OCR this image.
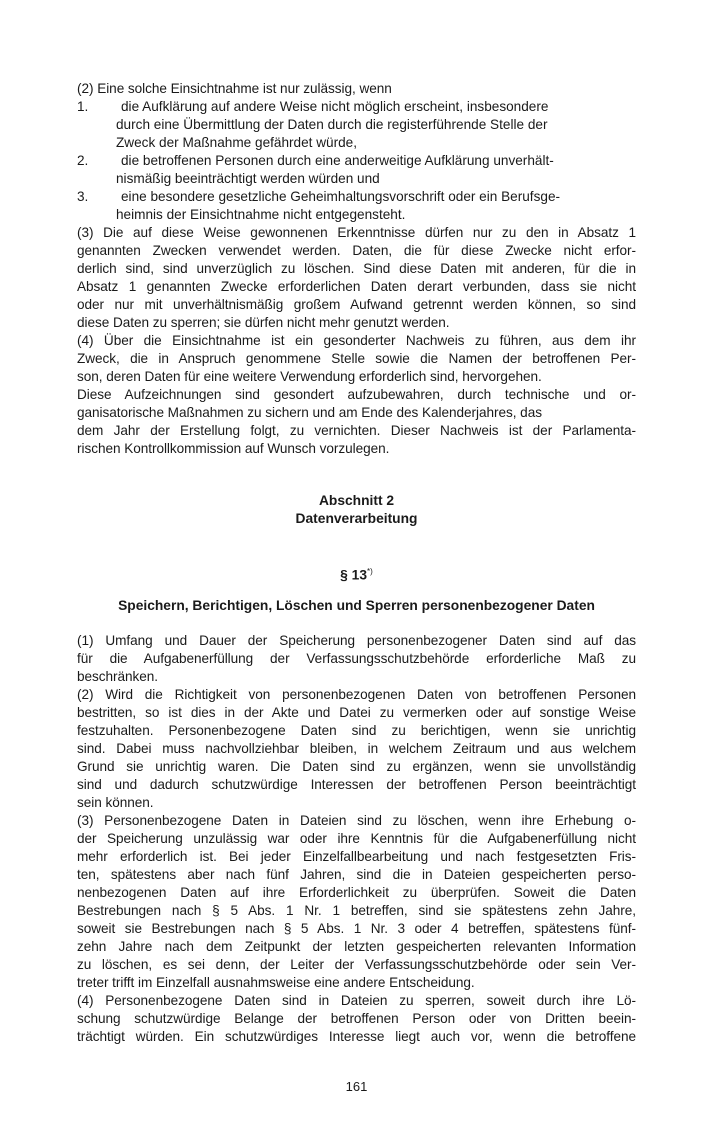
(2) Eine solche Einsichtnahme ist nur zulässig, wenn
1. die Aufklärung auf andere Weise nicht möglich erscheint, insbesondere
durch eine Übermittlung der Daten durch die registerführende Stelle der
Zweck der Maßnahme gefährdet würde,
2. die betroffenen Personen durch eine anderweitige Aufklärung unverhält-
nismäßig beeinträchtigt werden würden und
3. eine besondere gesetzliche Geheimhaltungsvorschrift oder ein Berufsge-
heimnis der Einsichtnahme nicht entgegensteht.
(3) Die auf diese Weise gewonnenen Erkenntnisse dürfen nur zu den in Absatz 1
genannten Zwecken verwendet werden. Daten, die für diese Zwecke nicht erfor-
derlich sind, sind unverzüglich zu löschen. Sind diese Daten mit anderen, für die in
Absatz 1 genannten Zwecke erforderlichen Daten derart verbunden, dass sie nicht
oder nur mit unverhältnismäßig großem Aufwand getrennt werden können, so sind
diese Daten zu sperren; sie dürfen nicht mehr genutzt werden.
(4) Über die Einsichtnahme ist ein gesonderter Nachweis zu führen, aus dem ihr
Zweck, die in Anspruch genommene Stelle sowie die Namen der betroffenen Per-
son, deren Daten für eine weitere Verwendung erforderlich sind, hervorgehen.
Diese Aufzeichnungen sind gesondert aufzubewahren, durch technische und or-
ganisatorische Maßnahmen zu sichern und am Ende des Kalenderjahres, das
dem Jahr der Erstellung folgt, zu vernichten. Dieser Nachweis ist der Parlamenta-
rischen Kontrollkommission auf Wunsch vorzulegen.
Abschnitt 2
Datenverarbeitung
§ 13*)
Speichern, Berichtigen, Löschen und Sperren personenbezogener Daten
(1) Umfang und Dauer der Speicherung personenbezogener Daten sind auf das
für die Aufgabenerfüllung der Verfassungsschutzbehörde erforderliche Maß zu
beschränken.
(2) Wird die Richtigkeit von personenbezogenen Daten von betroffenen Personen
bestritten, so ist dies in der Akte und Datei zu vermerken oder auf sonstige Weise
festzuhalten. Personenbezogene Daten sind zu berichtigen, wenn sie unrichtig
sind. Dabei muss nachvollziehbar bleiben, in welchem Zeitraum und aus welchem
Grund sie unrichtig waren. Die Daten sind zu ergänzen, wenn sie unvollständig
sind und dadurch schutzwürdige Interessen der betroffenen Person beeinträchtigt
sein können.
(3) Personenbezogene Daten in Dateien sind zu löschen, wenn ihre Erhebung o-
der Speicherung unzulässig war oder ihre Kenntnis für die Aufgabenerfüllung nicht
mehr erforderlich ist. Bei jeder Einzelfallbearbeitung und nach festgesetzten Fris-
ten, spätestens aber nach fünf Jahren, sind die in Dateien gespeicherten perso-
nenbezogenen Daten auf ihre Erforderlichkeit zu überprüfen. Soweit die Daten
Bestrebungen nach § 5 Abs. 1 Nr. 1 betreffen, sind sie spätestens zehn Jahre,
soweit sie Bestrebungen nach § 5 Abs. 1 Nr. 3 oder 4 betreffen, spätestens fünf-
zehn Jahre nach dem Zeitpunkt der letzten gespeicherten relevanten Information
zu löschen, es sei denn, der Leiter der Verfassungsschutzbehörde oder sein Ver-
treter trifft im Einzelfall ausnahmsweise eine andere Entscheidung.
(4) Personenbezogene Daten sind in Dateien zu sperren, soweit durch ihre Lö-
schung schutzwürdige Belange der betroffenen Person oder von Dritten beein-
trächtigt würden. Ein schutzwürdiges Interesse liegt auch vor, wenn die betroffene
161
